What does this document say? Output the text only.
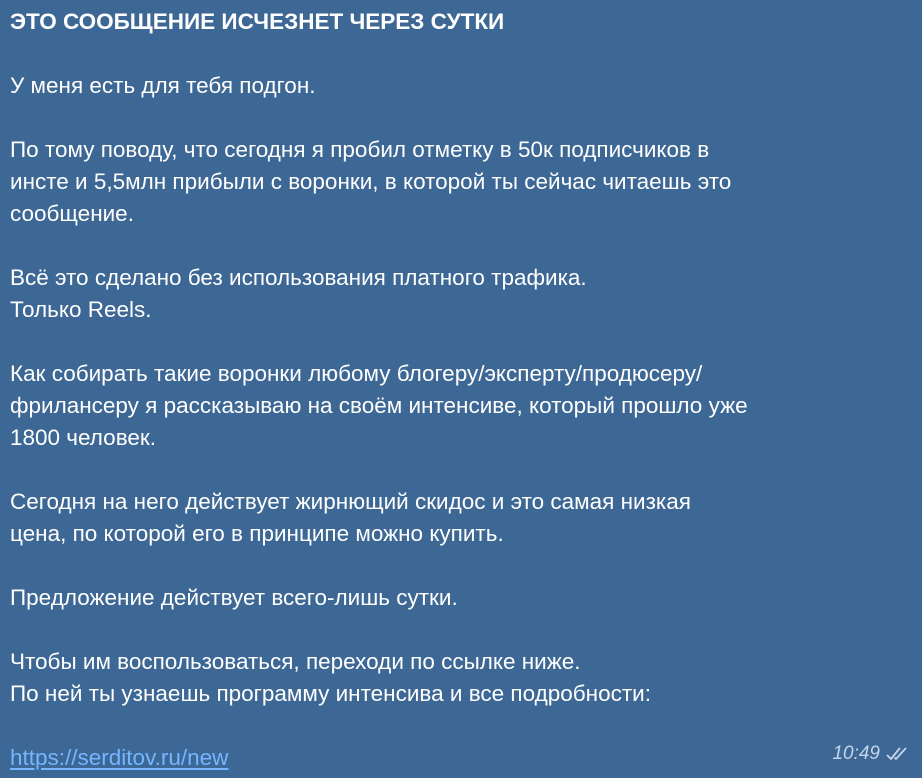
ЭТО СООБЩЕНИЕ ИСЧЕЗНЕТ ЧЕРЕЗ СУТКИ
У меня есть для тебя подгон.
По тому поводу, что сегодня я пробил отметку в 50к подписчиков в
инсте и 5,5млн прибыли с воронки, в которой ты сейчас читаешь это
сообщение.
Всё это сделано без использования платного трафика.
Только Reels.
Как собирать такие воронки любому блогеру/эксперту/продюсеру/
фрилансеру я рассказываю на своём интенсиве, который прошло уже
1800 человек.
Сегодня на него действует жирнющий скидос и это самая низкая
цена, по которой его в принципе можно купить.
Предложение действует всего-лишь сутки.
Чтобы им воспользоваться, переходи по ссылке ниже.
По ней ты узнаешь программу интенсива и все подробности:
https://serditov.ru/new	10:49
